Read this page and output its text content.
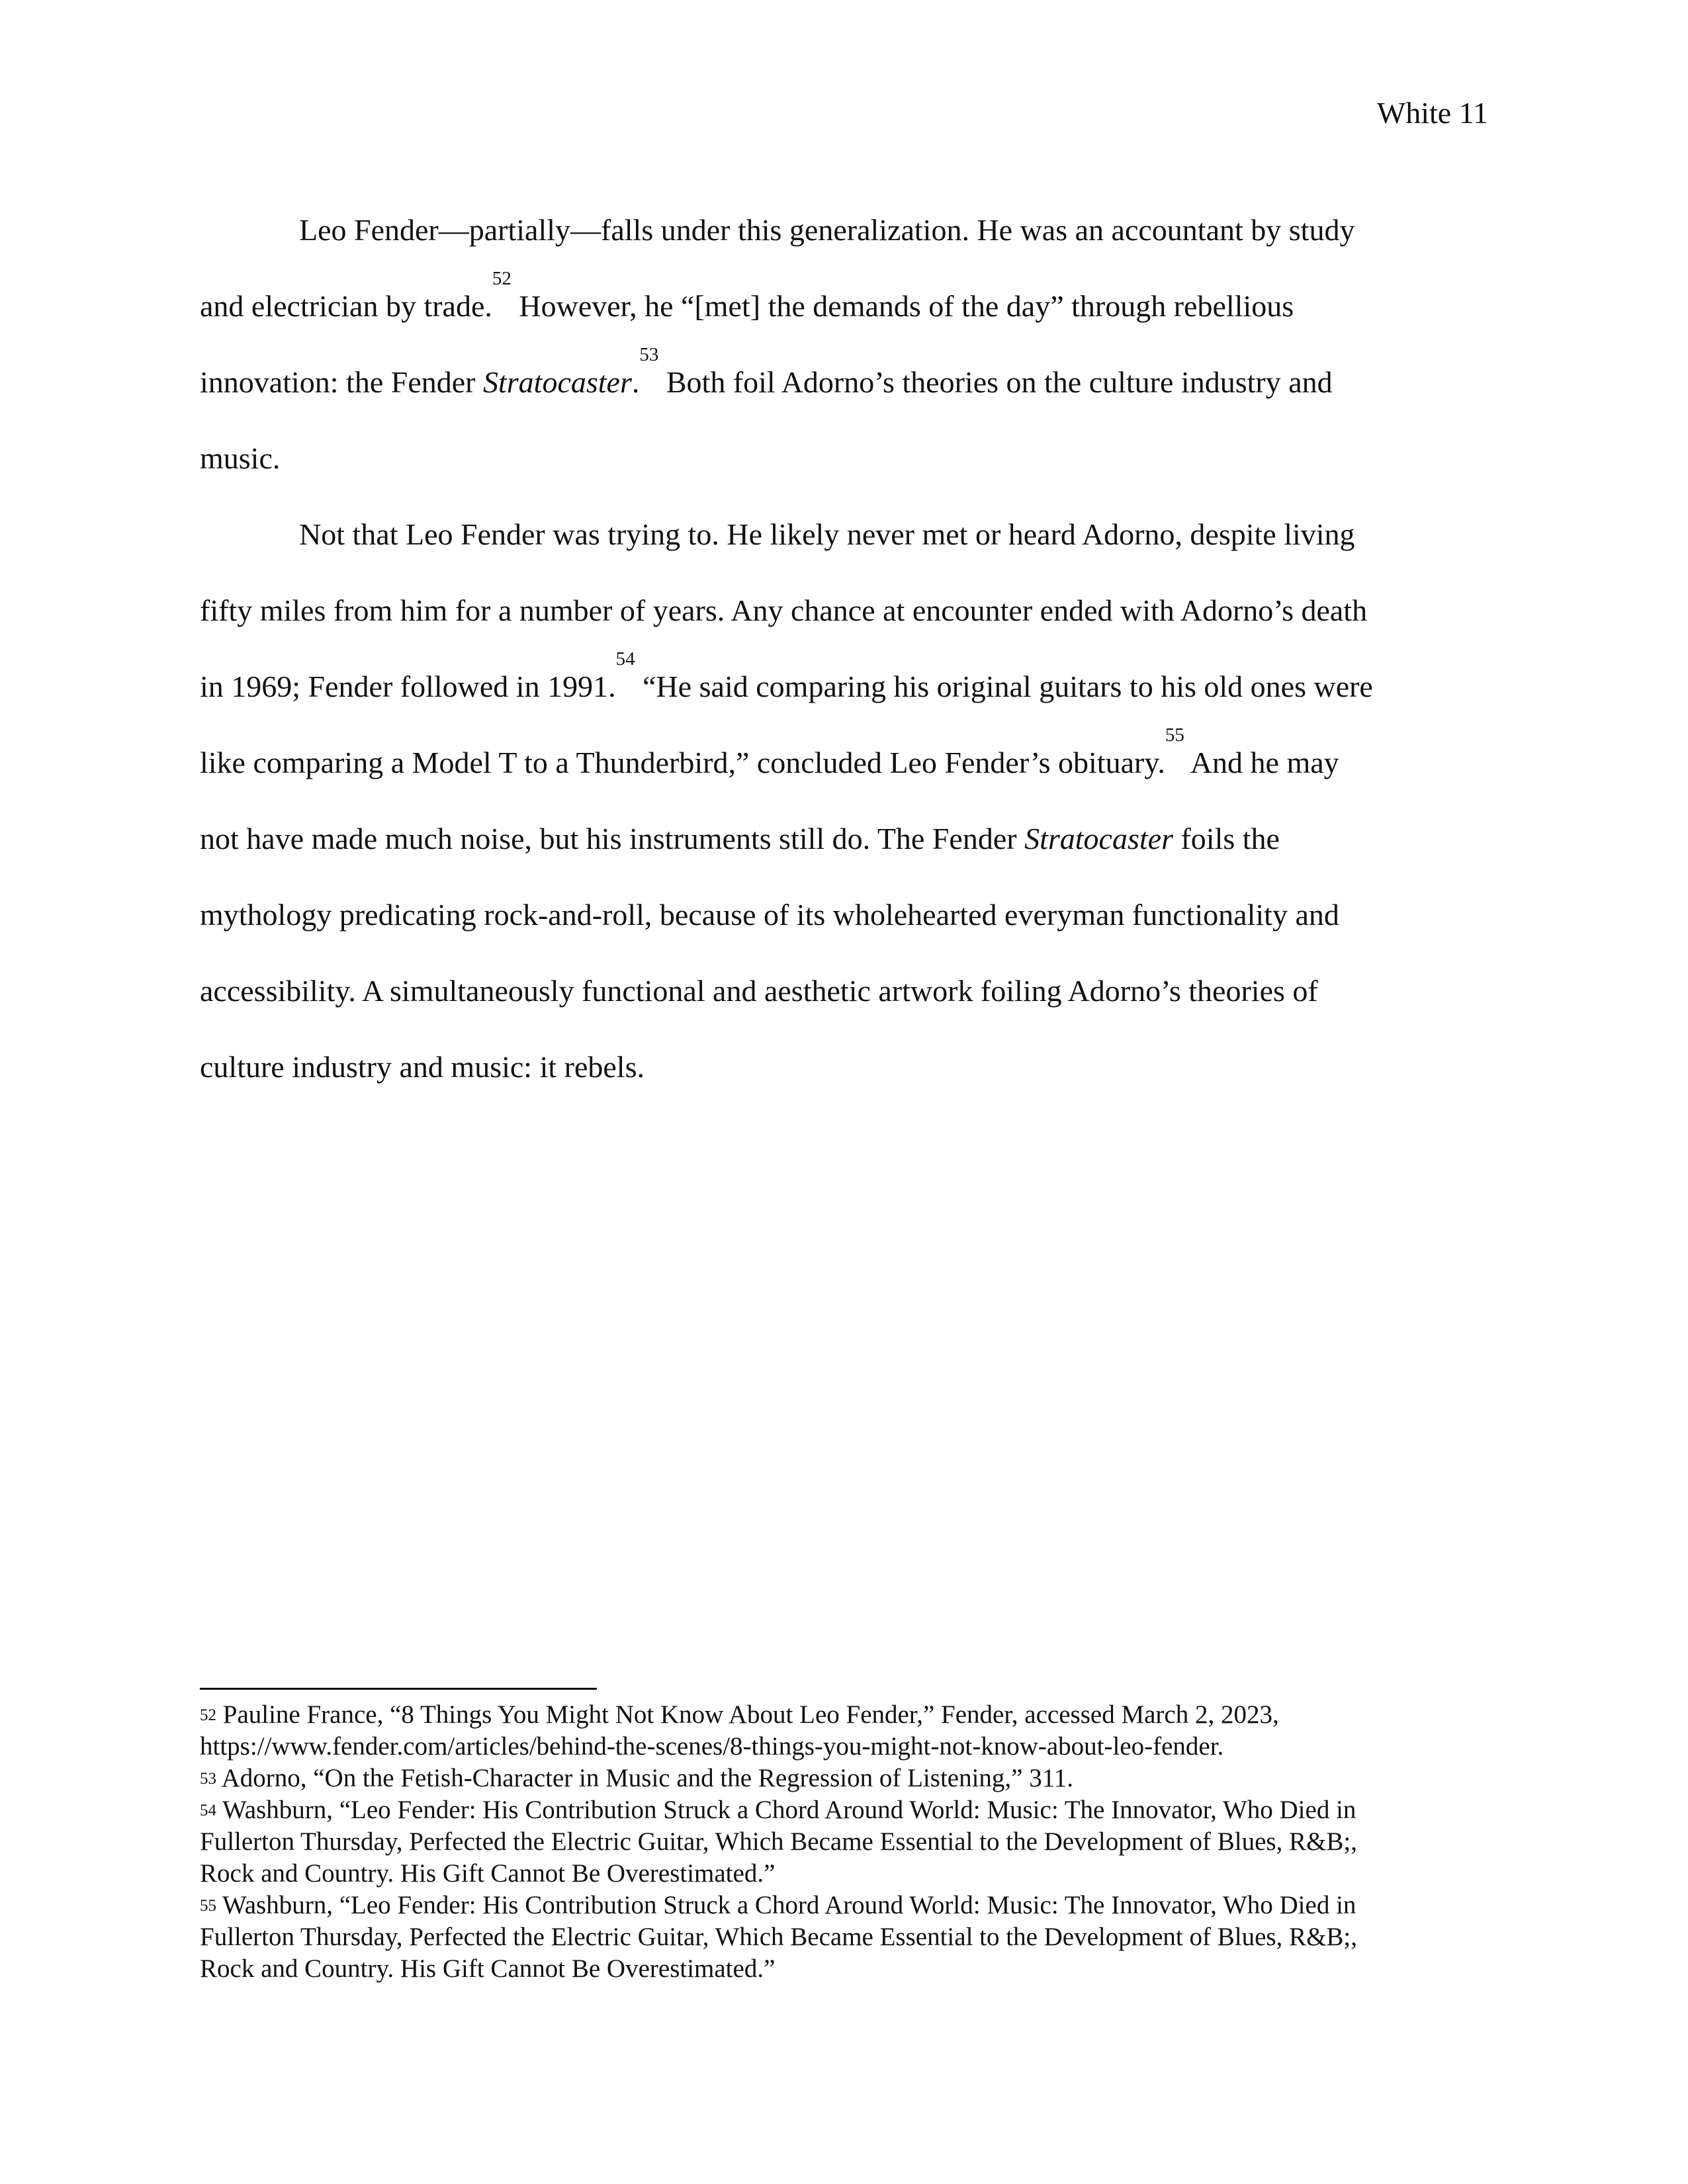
White 11

Leo Fender—partially—falls under this generalization. He was an accountant by study
and electrician by trade.$^{52}$ However, he “[met] the demands of the day” through rebellious
innovation: the Fender Stratocaster.$^{53}$ Both foil Adorno’s theories on the culture industry and
music.

Not that Leo Fender was trying to. He likely never met or heard Adorno, despite living
fifty miles from him for a number of years. Any chance at encounter ended with Adorno’s death
in 1969; Fender followed in 1991.54 “He said comparing his original guitars to his old ones were
like comparing a Model T to a Thunderbird,” concluded Leo Fender’s obituary.$^{55}$ And he may
not have made much noise, but his instruments still do. The Fender Stratocaster foils the
mythology predicating rock-and-roll, because of its wholehearted everyman functionality and
accessibility. A simultaneously functional and aesthetic artwork foiling Adorno’s theories of
culture industry and music: it rebels.

$^{52}$ Pauline France, “8 Things You Might Not Know About Leo Fender,” Fender, accessed March 2, 2023,
https://www.fender.com/articles/behind-the-scenes/8-things-you-might-not-know-about-leo-fender.
$^{53}$ Adorno, “On the Fetish-Character in Music and the Regression of Listening,” 311.
$^{54}$ Washburn, “Leo Fender: His Contribution Struck a Chord Around World: Music: The Innovator, Who Died in
Fullerton Thursday, Perfected the Electric Guitar, Which Became Essential to the Development of Blues, R&B;,
Rock and Country. His Gift Cannot Be Overestimated.”
$^{55}$ Washburn, “Leo Fender: His Contribution Struck a Chord Around World: Music: The Innovator, Who Died in
Fullerton Thursday, Perfected the Electric Guitar, Which Became Essential to the Development of Blues, R&B;,
Rock and Country. His Gift Cannot Be Overestimated.”
